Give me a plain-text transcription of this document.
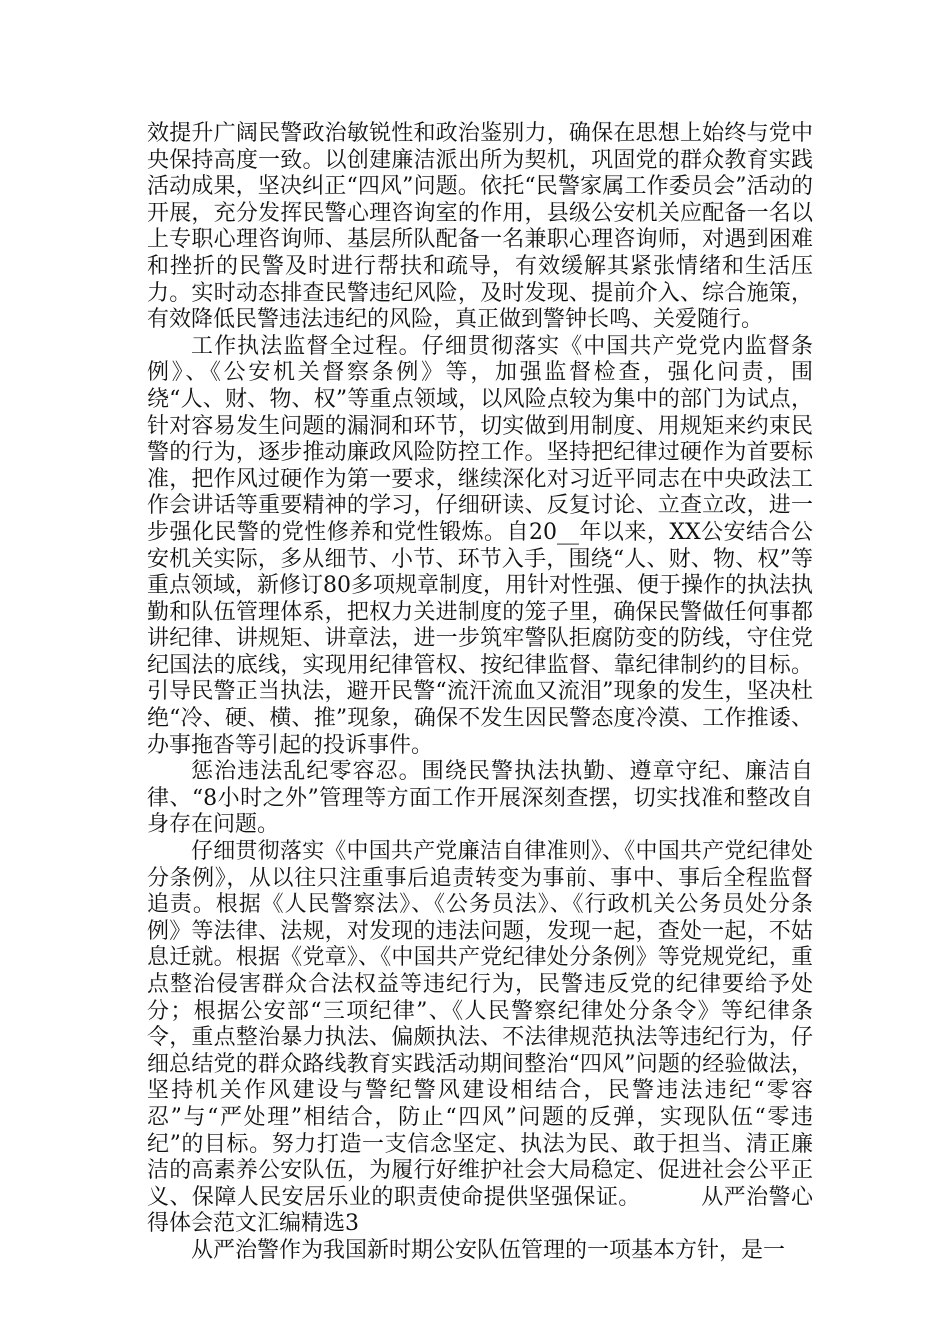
效提升广阔民警政治敏锐性和政治鉴别力，确保在思想上始终与党中央保持高度一致。以创建廉洁派出所为契机，巩固党的群众教育实践活动成果，坚决纠正“四风”问题。依托“民警家属工作委员会”活动的开展，充分发挥民警心理咨询室的作用，县级公安机关应配备一名以上专职心理咨询师、基层所队配备一名兼职心理咨询师，对遇到困难和挫折的民警及时进行帮扶和疏导，有效缓解其紧张情绪和生活压力。实时动态排查民警违纪风险，及时发现、提前介入、综合施策，有效降低民警违法违纪的风险，真正做到警钟长鸣、关爱随行。

工作执法监督全过程。仔细贯彻落实《中国共产党党内监督条例》、《公安机关督察条例》等，加强监督检查，强化问责，围绕“人、财、物、权”等重点领域，以风险点较为集中的部门为试点，针对容易发生问题的漏洞和环节，切实做到用制度、用规矩来约束民警的行为，逐步推动廉政风险防控工作。坚持把纪律过硬作为首要标准，把作风过硬作为第一要求，继续深化对习近平同志在中央政法工作会讲话等重要精神的学习，仔细研读、反复讨论、立查立改，进一步强化民警的党性修养和党性锻炼。自20__年以来，XX公安结合公安机关实际，多从细节、小节、环节入手，围绕“人、财、物、权”等重点领域，新修订80多项规章制度，用针对性强、便于操作的执法执勤和队伍管理体系，把权力关进制度的笼子里，确保民警做任何事都讲纪律、讲规矩、讲章法，进一步筑牢警队拒腐防变的防线，守住党纪国法的底线，实现用纪律管权、按纪律监督、靠纪律制约的目标。引导民警正当执法，避开民警“流汗流血又流泪”现象的发生，坚决杜绝“冷、硬、横、推”现象，确保不发生因民警态度冷漠、工作推诿、办事拖沓等引起的投诉事件。

惩治违法乱纪零容忍。围绕民警执法执勤、遵章守纪、廉洁自律、“8小时之外”管理等方面工作开展深刻查摆，切实找准和整改自身存在问题。

仔细贯彻落实《中国共产党廉洁自律准则》、《中国共产党纪律处分条例》，从以往只注重事后追责转变为事前、事中、事后全程监督追责。根据《人民警察法》、《公务员法》、《行政机关公务员处分条例》等法律、法规，对发现的违法问题，发现一起，查处一起，不姑息迁就。根据《党章》、《中国共产党纪律处分条例》等党规党纪，重点整治侵害群众合法权益等违纪行为，民警违反党的纪律要给予处分；根据公安部“三项纪律”、《人民警察纪律处分条令》等纪律条令，重点整治暴力执法、偏颇执法、不法律规范执法等违纪行为，仔细总结党的群众路线教育实践活动期间整治“四风”问题的经验做法，坚持机关作风建设与警纪警风建设相结合，民警违法违纪“零容忍”与“严处理”相结合，防止“四风”问题的反弹，实现队伍“零违纪”的目标。努力打造一支信念坚定、执法为民、敢于担当、清正廉洁的高素养公安队伍，为履行好维护社会大局稳定、促进社会公平正义、保障人民安居乐业的职责使命提供坚强保证。	从严治警心得体会范文汇编精选3

从严治警作为我国新时期公安队伍管理的一项基本方针，是一
